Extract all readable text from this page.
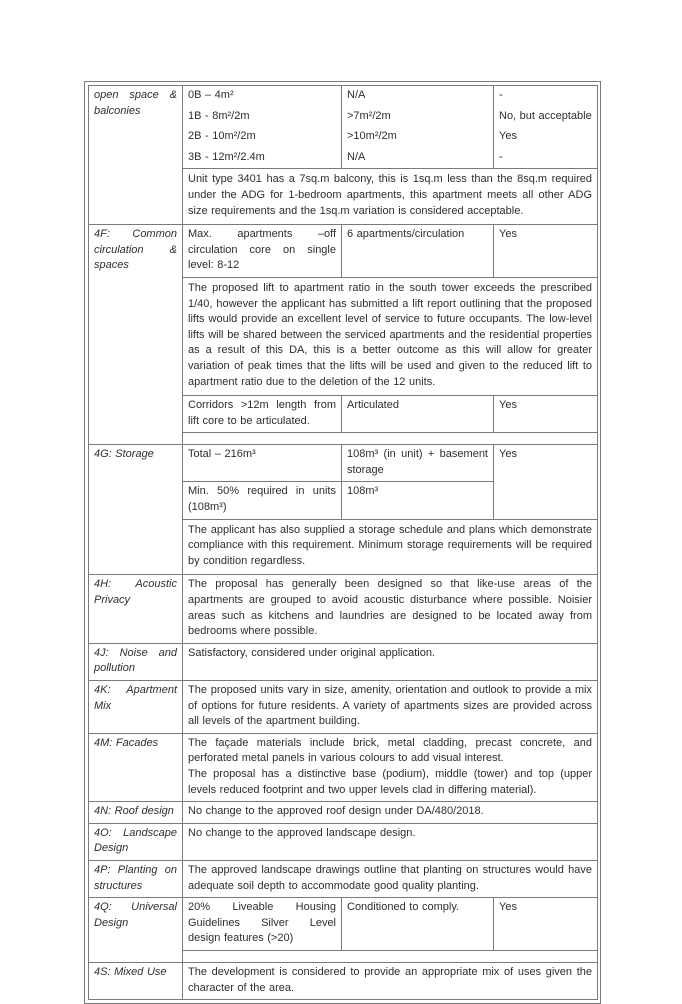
open space & balconies	0B – 4m²	N/A	-
	1B - 8m²/2m	>7m²/2m	No, but acceptable
	2B - 10m²/2m	>10m²/2m	Yes
	3B - 12m²/2.4m	N/A	-
	Unit type 3401 has a 7sq.m balcony, this is 1sq.m less than the 8sq.m required under the ADG for 1-bedroom apartments, this apartment meets all other ADG size requirements and the 1sq.m variation is considered acceptable.		
4F: Common circulation & spaces	Max. apartments –off circulation core on single level: 8-12	6 apartments/circulation	Yes
	The proposed lift to apartment ratio in the south tower exceeds the prescribed 1/40, however the applicant has submitted a lift report outlining that the proposed lifts would provide an excellent level of service to future occupants. The low-level lifts will be shared between the serviced apartments and the residential properties as a result of this DA, this is a better outcome as this will allow for greater variation of peak times that the lifts will be used and given to the reduced lift to apartment ratio due to the deletion of the 12 units.		
	Corridors >12m length from lift core to be articulated.	Articulated	Yes

4G: Storage	Total – 216m³	108m³ (in unit) + basement storage	Yes
	Min. 50% required in units (108m³)	108m³	
	The applicant has also supplied a storage schedule and plans which demonstrate compliance with this requirement. Minimum storage requirements will be required by condition regardless.		
4H: Acoustic Privacy	The proposal has generally been designed so that like-use areas of the apartments are grouped to avoid acoustic disturbance where possible. Noisier areas such as kitchens and laundries are designed to be located away from bedrooms where possible.		
4J: Noise and pollution	Satisfactory, considered under original application.		
4K: Apartment Mix	The proposed units vary in size, amenity, orientation and outlook to provide a mix of options for future residents. A variety of apartments sizes are provided across all levels of the apartment building.		
4M: Facades	The façade materials include brick, metal cladding, precast concrete, and perforated metal panels in various colours to add visual interest.
The proposal has a distinctive base (podium), middle (tower) and top (upper levels reduced footprint and two upper levels clad in differing material).		

4N: Roof design	No change to the approved roof design under DA/480/2018.		
4O: Landscape Design	No change to the approved landscape design.		
4P: Planting on structures	The approved landscape drawings outline that planting on structures would have adequate soil depth to accommodate good quality planting.		
4Q: Universal Design	20% Liveable Housing Guidelines Silver Level design features (>20)	Conditioned to comply.	Yes

4S: Mixed Use	The development is considered to provide an appropriate mix of uses given the character of the area.		
